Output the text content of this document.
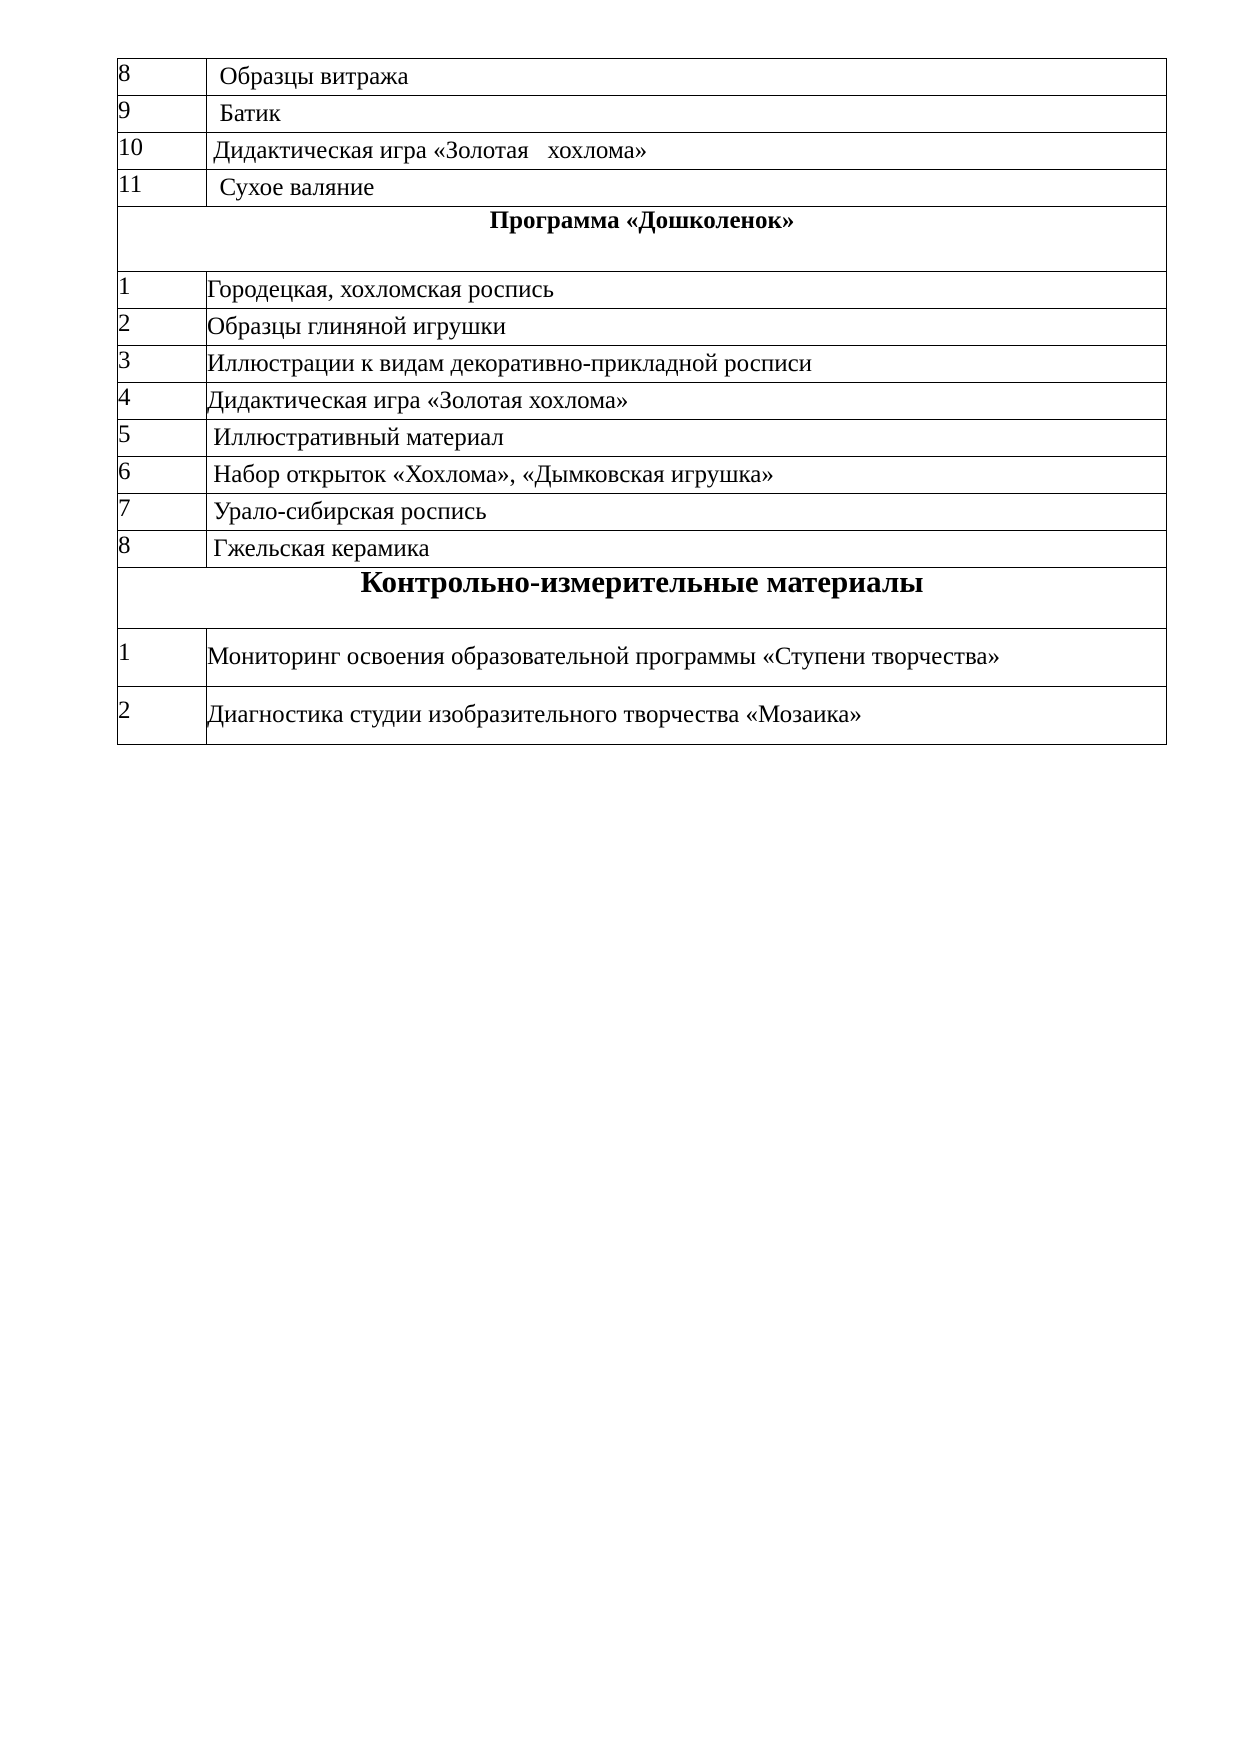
8	Образцы витража
9	Батик
10	Дидактическая игра «Золотая   хохлома»
11	Сухое валяние
Программа «Дошколенок»	
1	Городецкая, хохломская роспись
2	Образцы глиняной игрушки
3	Иллюстрации к видам декоративно-прикладной росписи
4	Дидактическая игра «Золотая хохлома»
5	Иллюстративный материал
6	Набор открыток «Хохлома», «Дымковская игрушка»
7	Урало-сибирская роспись
8	Гжельская керамика
Контрольно-измерительные материалы	
1	Мониторинг освоения образовательной программы «Ступени творчества»
2	Диагностика студии изобразительного творчества «Мозаика»
